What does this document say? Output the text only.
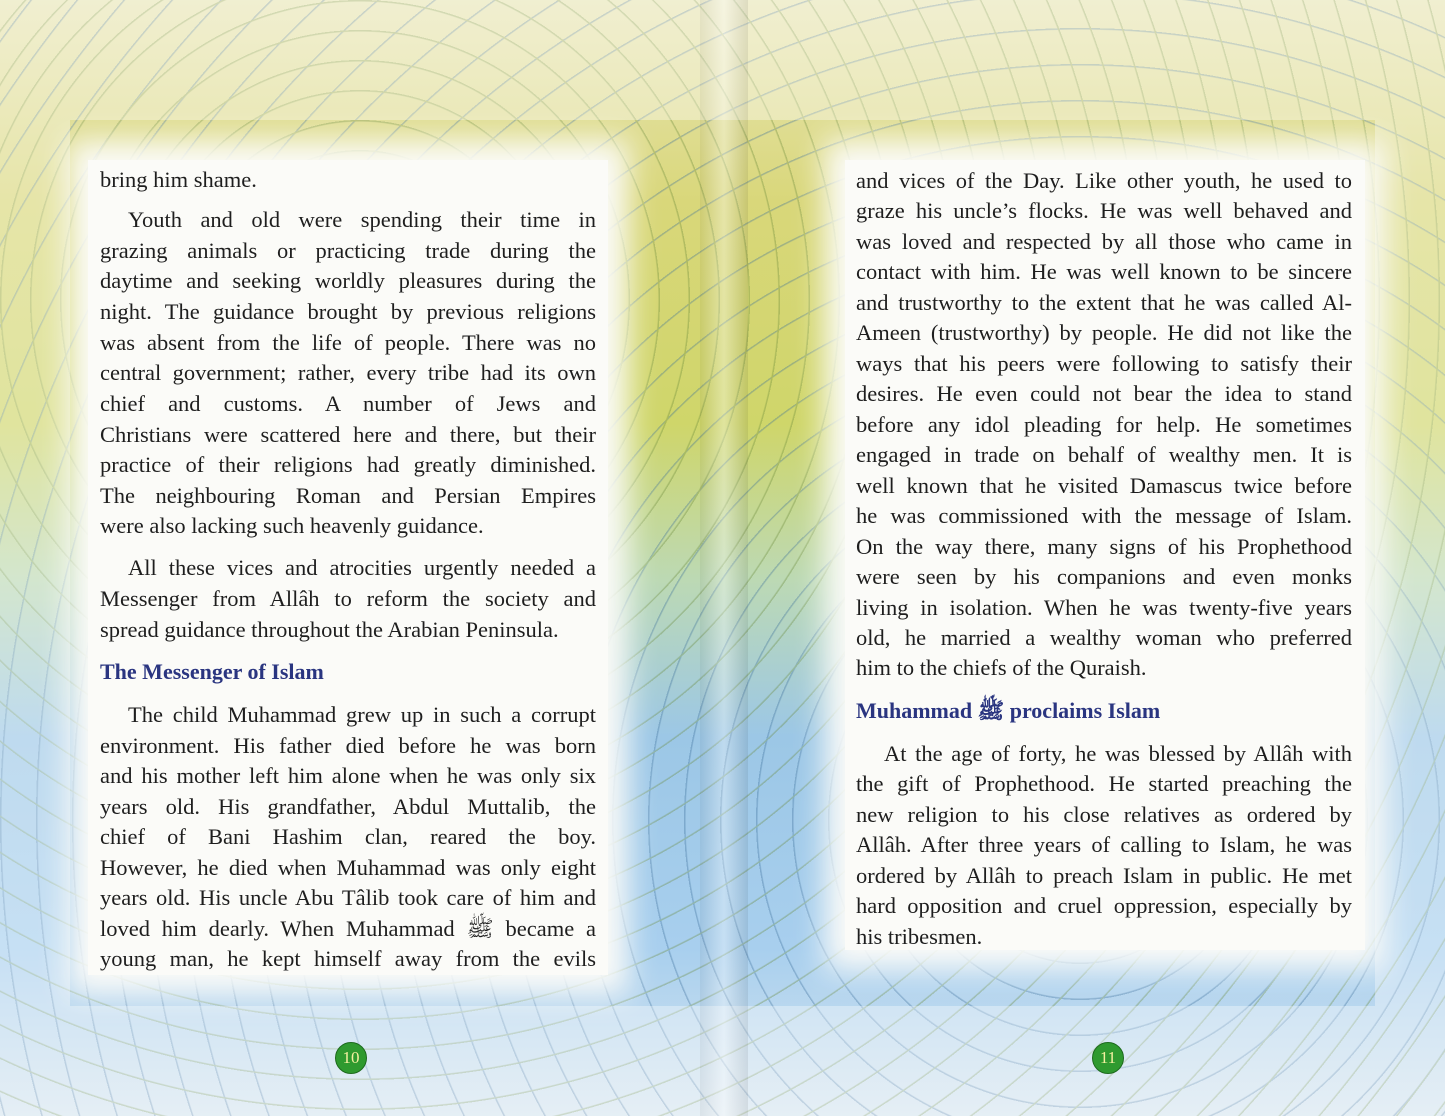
bring him shame.
Youth and old were spending their time in
grazing animals or practicing trade during the
daytime and seeking worldly pleasures during the
night. The guidance brought by previous religions
was absent from the life of people. There was no
central government; rather, every tribe had its own
chief and customs. A number of Jews and
Christians were scattered here and there, but their
practice of their religions had greatly diminished.
The neighbouring Roman and Persian Empires
were also lacking such heavenly guidance.
All these vices and atrocities urgently needed a
Messenger from Allâh to reform the society and
spread guidance throughout the Arabian Peninsula.
The Messenger of Islam
The child Muhammad grew up in such a corrupt
environment. His father died before he was born
and his mother left him alone when he was only six
years old. His grandfather, Abdul Muttalib, the
chief of Bani Hashim clan, reared the boy.
However, he died when Muhammad was only eight
years old. His uncle Abu Tâlib took care of him and
loved him dearly. When Muhammad ﷺ became a
young man, he kept himself away from the evils
and vices of the Day. Like other youth, he used to
graze his uncle’s flocks. He was well behaved and
was loved and respected by all those who came in
contact with him. He was well known to be sincere
and trustworthy to the extent that he was called Al-
Ameen (trustworthy) by people. He did not like the
ways that his peers were following to satisfy their
desires. He even could not bear the idea to stand
before any idol pleading for help. He sometimes
engaged in trade on behalf of wealthy men. It is
well known that he visited Damascus twice before
he was commissioned with the message of Islam.
On the way there, many signs of his Prophethood
were seen by his companions and even monks
living in isolation. When he was twenty-five years
old, he married a wealthy woman who preferred
him to the chiefs of the Quraish.
Muhammad ﷺ proclaims Islam
At the age of forty, he was blessed by Allâh with
the gift of Prophethood. He started preaching the
new religion to his close relatives as ordered by
Allâh. After three years of calling to Islam, he was
ordered by Allâh to preach Islam in public. He met
hard opposition and cruel oppression, especially by
his tribesmen.
10	11
